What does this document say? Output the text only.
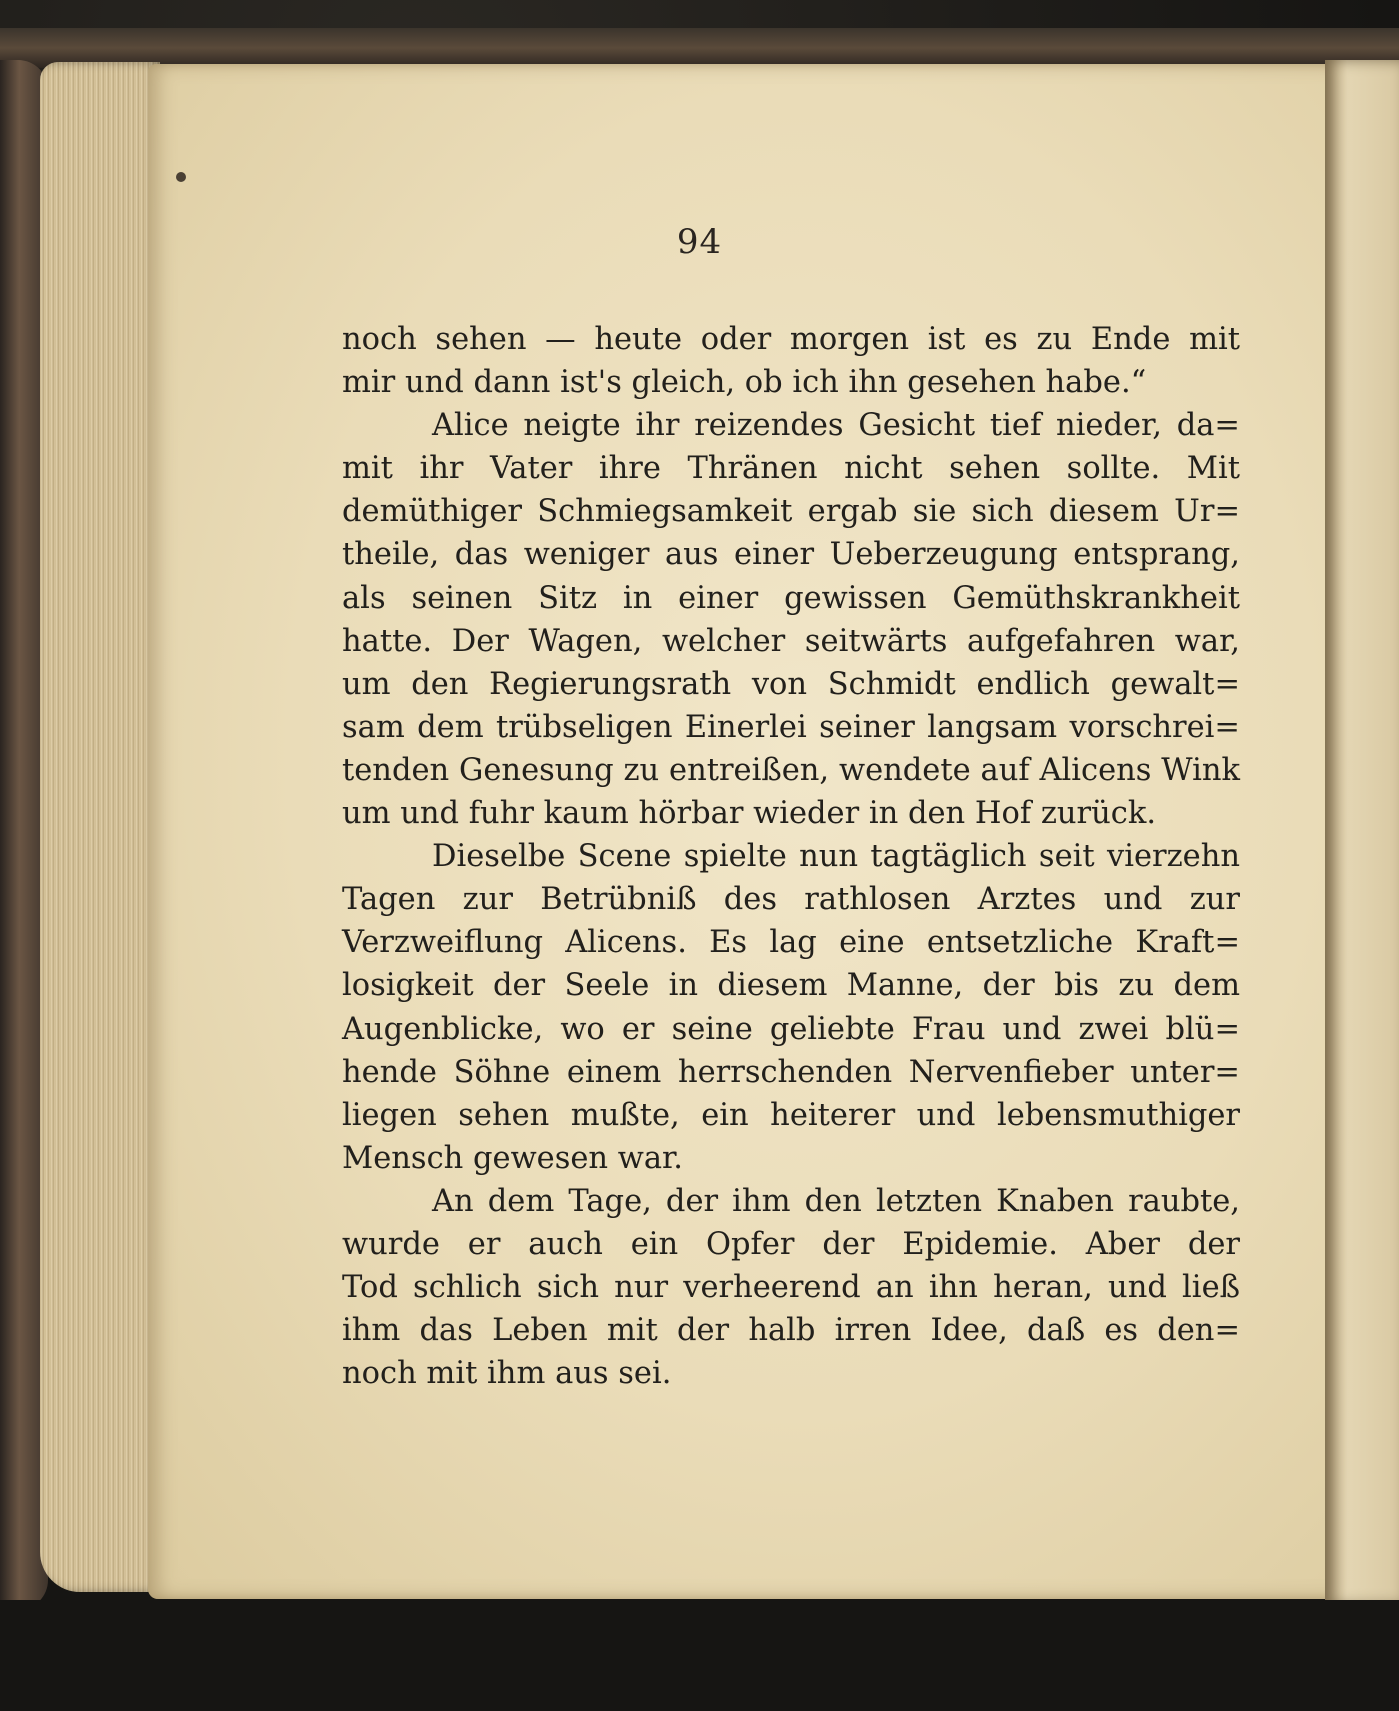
94
noch sehen — heute oder morgen ist es zu Ende mit
mir und dann ist's gleich, ob ich ihn gesehen habe.“
Alice neigte ihr reizendes Gesicht tief nieder, da=
mit ihr Vater ihre Thränen nicht sehen sollte. Mit
demüthiger Schmiegsamkeit ergab sie sich diesem Ur=
theile, das weniger aus einer Ueberzeugung entsprang,
als seinen Sitz in einer gewissen Gemüthskrankheit
hatte. Der Wagen, welcher seitwärts aufgefahren war,
um den Regierungsrath von Schmidt endlich gewalt=
sam dem trübseligen Einerlei seiner langsam vorschrei=
tenden Genesung zu entreißen, wendete auf Alicens Wink
um und fuhr kaum hörbar wieder in den Hof zurück.
Dieselbe Scene spielte nun tagtäglich seit vierzehn
Tagen zur Betrübniß des rathlosen Arztes und zur
Verzweiflung Alicens. Es lag eine entsetzliche Kraft=
losigkeit der Seele in diesem Manne, der bis zu dem
Augenblicke, wo er seine geliebte Frau und zwei blü=
hende Söhne einem herrschenden Nervenfieber unter=
liegen sehen mußte, ein heiterer und lebensmuthiger
Mensch gewesen war.
An dem Tage, der ihm den letzten Knaben raubte,
wurde er auch ein Opfer der Epidemie. Aber der
Tod schlich sich nur verheerend an ihn heran, und ließ
ihm das Leben mit der halb irren Idee, daß es den=
noch mit ihm aus sei.
